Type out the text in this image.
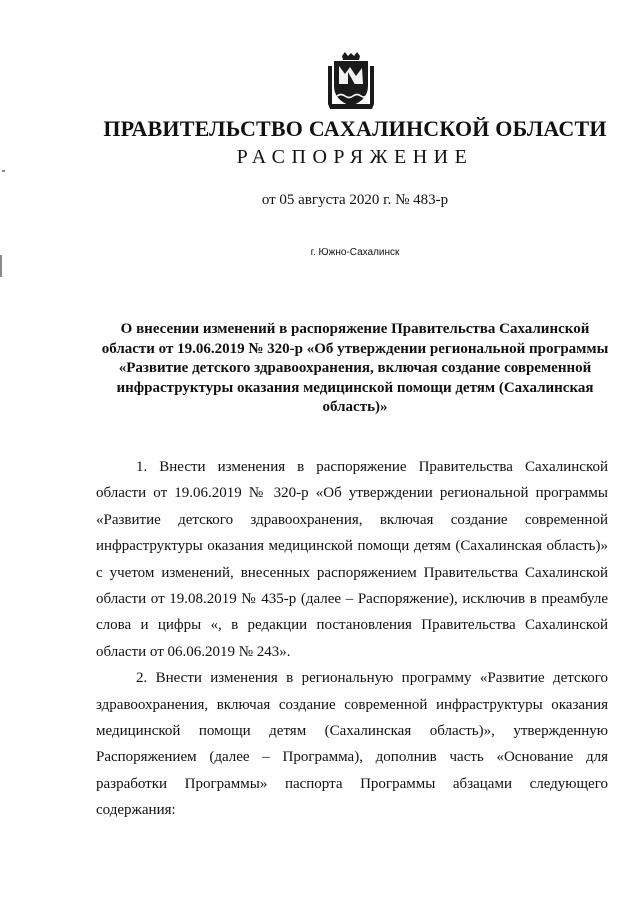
ПРАВИТЕЛЬСТВО САХАЛИНСКОЙ ОБЛАСТИ
РАСПОРЯЖЕНИЕ
от 05 августа 2020 г. № 483-р
г. Южно-Сахалинск
О внесении изменений в распоряжение Правительства Сахалинской области от 19.06.2019 № 320-р «Об утверждении региональной программы «Развитие детского здравоохранения, включая создание современной инфраструктуры оказания медицинской помощи детям (Сахалинская область)»

1. Внести изменения в распоряжение Правительства Сахалинской области от 19.06.2019 № 320-р «Об утверждении региональной программы «Развитие детского здравоохранения, включая создание современной инфраструктуры оказания медицинской помощи детям (Сахалинская область)» с учетом изменений, внесенных распоряжением Правительства Сахалинской области от 19.08.2019 № 435-р (далее – Распоряжение), исключив в преамбуле слова и цифры «, в редакции постановления Правительства Сахалинской области от 06.06.2019 № 243».

2. Внести изменения в региональную программу «Развитие детского здравоохранения, включая создание современной инфраструктуры оказания медицинской помощи детям (Сахалинская область)», утвержденную Распоряжением (далее – Программа), дополнив часть «Основание для разработки Программы» паспорта Программы абзацами следующего содержания:
